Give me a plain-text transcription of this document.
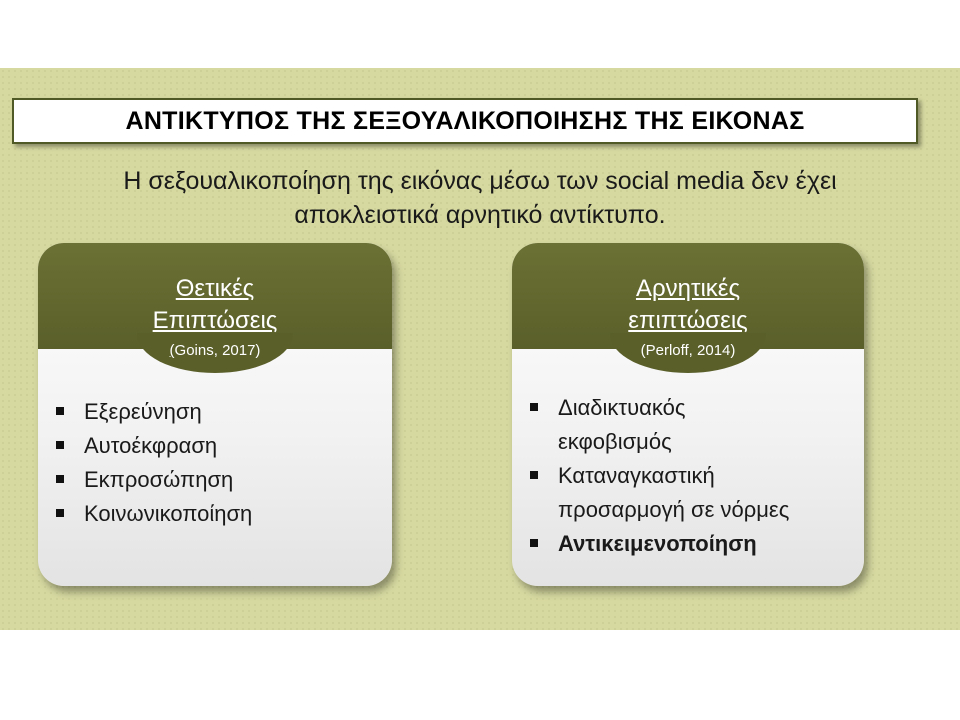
ΑΝΤΙΚΤΥΠΟΣ ΤΗΣ ΣΕΞΟΥΑΛΙΚΟΠΟΙΗΣΗΣ ΤΗΣ ΕΙΚΟΝΑΣ
Η σεξουαλικοποίηση της εικόνας μέσω των social media δεν έχει
αποκλειστικά αρνητικό αντίκτυπο.
Θετικές
Επιπτώσεις
(Goins, 2017)
Εξερεύνηση
Αυτοέκφραση
Εκπροσώπηση
Κοινωνικοποίηση
Αρνητικές
επιπτώσεις
(Perloff, 2014)
Διαδικτυακός
εκφοβισμός
Καταναγκαστική
προσαρμογή σε νόρμες
Αντικειμενοποίηση
